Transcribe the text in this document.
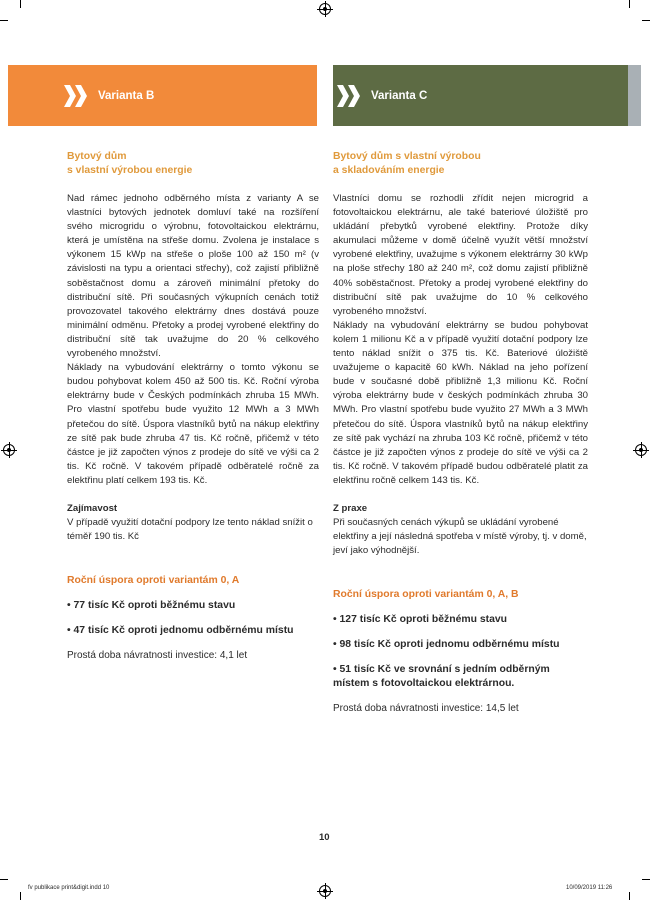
Varianta B	Varianta C
Bytový dům
s vlastní výrobou energie

Nad rámec jednoho odběrného místa z varianty A se vlastníci bytových jednotek domluví také na rozšíření svého microgridu o výrobnu, fotovoltaickou elektrárnu, která je umístěna na střeše domu. Zvolena je instalace s výkonem 15 kWp na střeše o ploše 100 až 150 m² (v závislosti na typu a orientaci střechy), což zajistí přibližně soběstačnost domu a zároveň minimální přetoky do distribuční sítě. Při současných výkupních cenách totiž provozovatel takového elektrárny dnes dostává pouze minimální odměnu. Přetoky a prodej vyrobené elektřiny do distribuční sítě tak uvažujme do 20 % celkového vyrobeného množství.

Náklady na vybudování elektrárny o tomto výkonu se budou pohybovat kolem 450 až 500 tis. Kč. Roční výroba elektrárny bude v Českých podmínkách zhruba 15 MWh. Pro vlastní spotřebu bude využito 12 MWh a 3 MWh přetečou do sítě. Úspora vlastníků bytů na nákup elektřiny ze sítě pak bude zhruba 47 tis. Kč ročně, přičemž v této částce je již započten výnos z prodeje do sítě ve výši ca 2 tis. Kč ročně. V takovém případě odběratelé ročně za elektřinu platí celkem 193 tis. Kč.

Zajímavost

V případě využití dotační podpory lze tento náklad snížit o téměř 190 tis. Kč

Roční úspora oproti variantám 0, A
• 77 tisíc Kč oproti běžnému stavu
• 47 tisíc Kč oproti jednomu odběrnému místu
Prostá doba návratnosti investice: 4,1 let
Bytový dům s vlastní výrobou
a skladováním energie

Vlastníci domu se rozhodli zřídit nejen microgrid a fotovoltaickou elektrárnu, ale také bateriové úložiště pro ukládání přebytků vyrobené elektřiny. Protože díky akumulaci můžeme v domě účelně využít větší množství vyrobené elektřiny, uvažujme s výkonem elektrárny 30 kWp na ploše střechy 180 až 240 m², což domu zajistí přibližně 40% soběstačnost. Přetoky a prodej vyrobené elektřiny do distribuční sítě pak uvažujme do 10 % celkového vyrobeného množství.

Náklady na vybudování elektrárny se budou pohybovat kolem 1 milionu Kč a v případě využití dotační podpory lze tento náklad snížit o 375 tis. Kč. Bateriové úložiště uvažujeme o kapacitě 60 kWh. Náklad na jeho pořízení bude v současné době přibližně 1,3 milionu Kč. Roční výroba elektrárny bude v českých podmínkách zhruba 30 MWh. Pro vlastní spotřebu bude využito 27 MWh a 3 MWh přetečou do sítě. Úspora vlastníků bytů na nákup elektřiny ze sítě pak vychází na zhruba 103 Kč ročně, přičemž v této částce je již započten výnos z prodeje do sítě ve výši ca 2 tis. Kč ročně. V takovém případě budou odběratelé platit za elektřinu ročně celkem 143 tis. Kč.

Z praxe

Při současných cenách výkupů se ukládání vyrobené elektřiny a její následná spotřeba v místě výroby, tj. v domě, jeví jako výhodnější.

Roční úspora oproti variantám 0, A, B
• 127 tisíc Kč oproti běžnému stavu
• 98 tisíc Kč oproti jednomu odběrnému místu
• 51 tisíc Kč ve srovnání s jedním odběrným místem s fotovoltaickou elektrárnou.
Prostá doba návratnosti investice: 14,5 let
10
fv publikace print&digit.indd 10	10/09/2019 11:26
